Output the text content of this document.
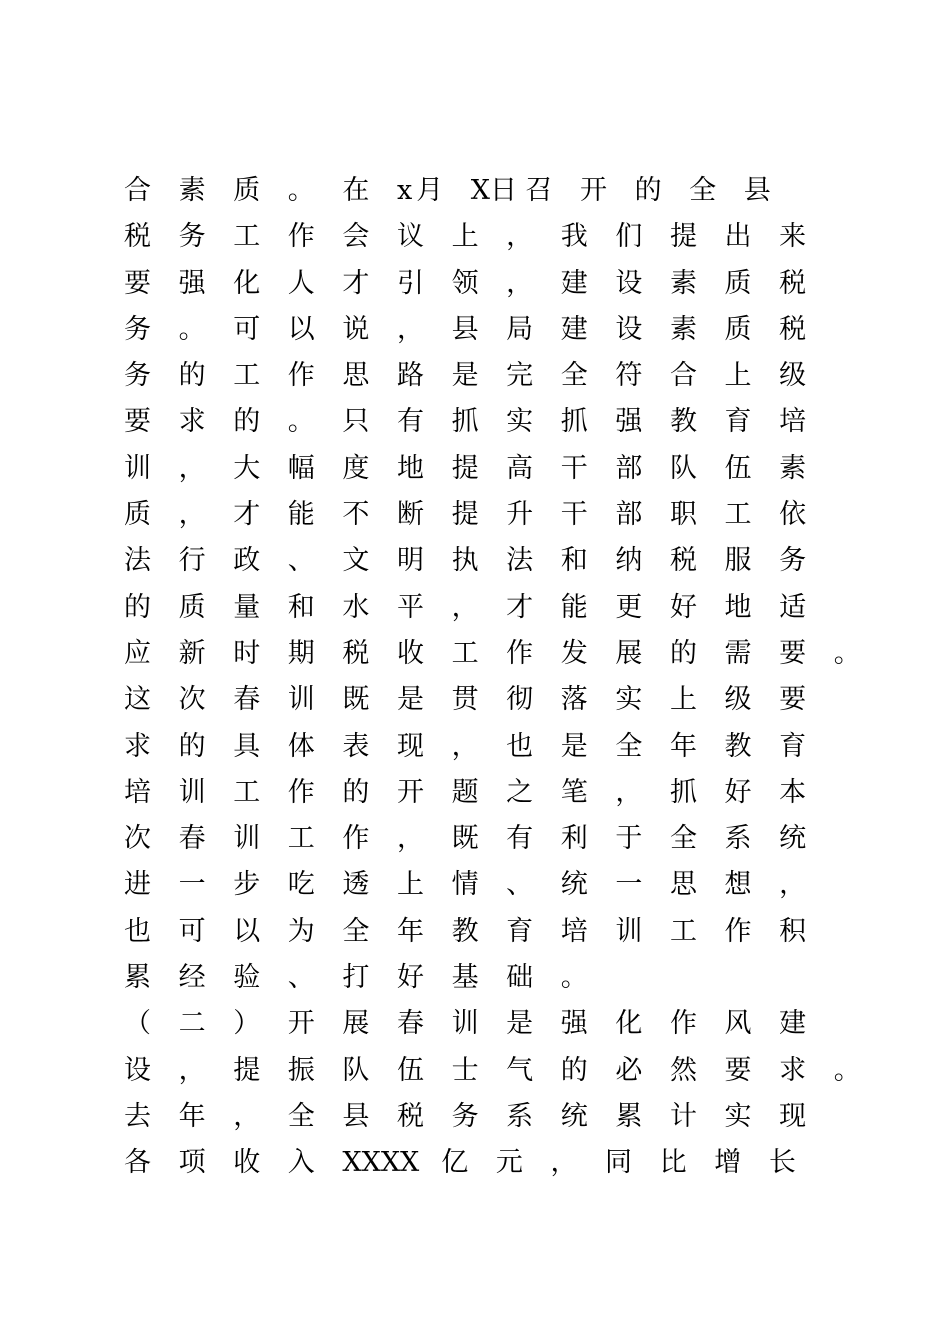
合	素	质	。	在	x 月	X日 召	开	的	全	县
税	务	工	作	会	议	上	，	我	们	提	出	来
要	强	化	人	才	引	领	，	建	设	素	质	税
务	。	可	以	说	，	县	局	建	设	素	质	税
务	的	工	作	思	路	是	完	全	符	合	上	级
要	求	的	。	只	有	抓	实	抓	强	教	育	培
训	，	大	幅	度	地	提	高	干	部	队	伍	素
质	，	才	能	不	断	提	升	干	部	职	工	依
法	行	政	、	文	明	执	法	和	纳	税	服	务
的	质	量	和	水	平	，	才	能	更	好	地	适
应	新	时	期	税	收	工	作	发	展	的	需	要	。
这	次	春	训	既	是	贯	彻	落	实	上	级	要
求	的	具	体	表	现	，	也	是	全	年	教	育
培	训	工	作	的	开	题	之	笔	，	抓	好	本
次	春	训	工	作	，	既	有	利	于	全	系	统
进	一	步	吃	透	上	情	、	统	一	思	想	，
也	可	以	为	全	年	教	育	培	训	工	作	积
累	经	验	、	打	好	基	础	。
（	二	）	开	展	春	训	是	强	化	作	风	建
设	，	提	振	队	伍	士	气	的	必	然	要	求	。
去	年	，	全	县	税	务	系	统	累	计	实	现
各	项	收	入	XXXX 亿	元	，	同	比	增	长
